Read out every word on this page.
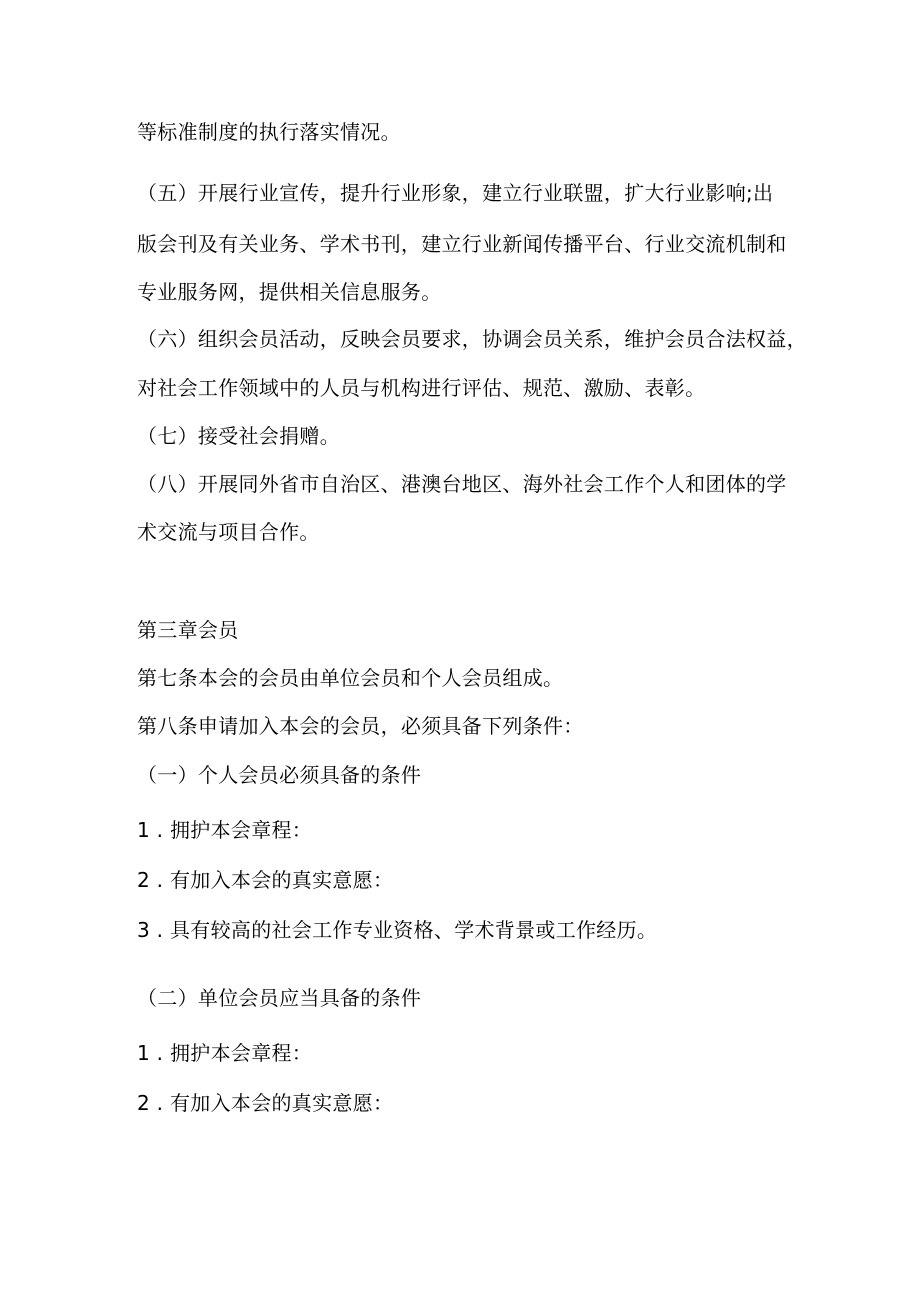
等标准制度的执行落实情况。
（五）开展行业宣传，提升行业形象，建立行业联盟，扩大行业影响;出
版会刊及有关业务、学术书刊，建立行业新闻传播平台、行业交流机制和
专业服务网，提供相关信息服务。
（六）组织会员活动，反映会员要求，协调会员关系，维护会员合法权益，
对社会工作领域中的人员与机构进行评估、规范、激励、表彰。
（七）接受社会捐赠。
（八）开展同外省市自治区、港澳台地区、海外社会工作个人和团体的学
术交流与项目合作。
第三章会员
第七条本会的会员由单位会员和个人会员组成。
第八条申请加入本会的会员，必须具备下列条件：
（一）个人会员必须具备的条件
1 . 拥护本会章程：
2 . 有加入本会的真实意愿：
3 . 具有较高的社会工作专业资格、学术背景或工作经历。
（二）单位会员应当具备的条件
1 . 拥护本会章程：
2 . 有加入本会的真实意愿：
